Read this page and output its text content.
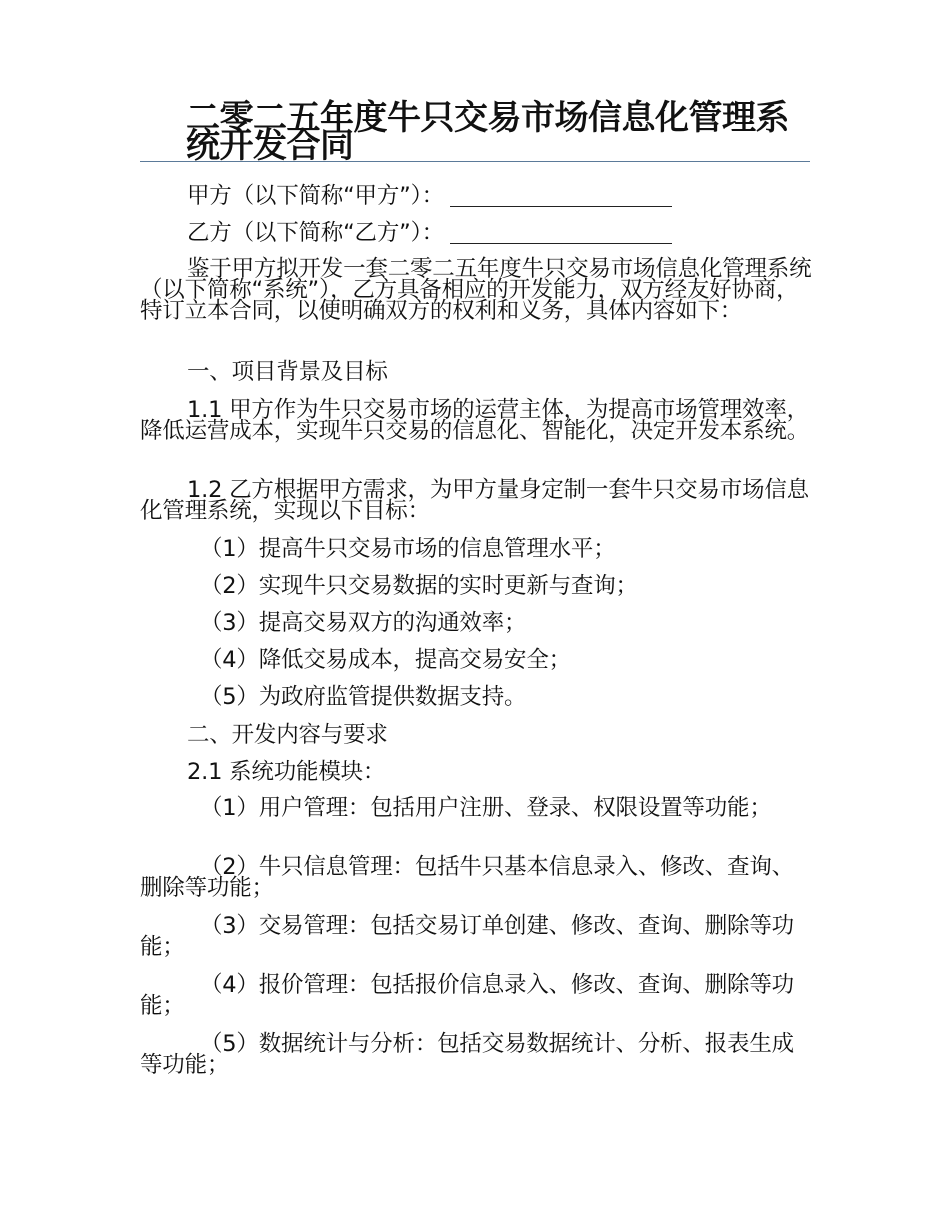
二零二五年度牛只交易市场信息化管理系统开发合同
甲方（以下简称“甲方”）：
乙方（以下简称“乙方”）：
鉴于甲方拟开发一套二零二五年度牛只交易市场信息化管理系统（以下简称“系统”），乙方具备相应的开发能力，双方经友好协商，特订立本合同，以便明确双方的权利和义务，具体内容如下：
一、项目背景及目标
1.1 甲方作为牛只交易市场的运营主体，为提高市场管理效率，降低运营成本，实现牛只交易的信息化、智能化，决定开发本系统。
1.2 乙方根据甲方需求，为甲方量身定制一套牛只交易市场信息化管理系统，实现以下目标：
（1）提高牛只交易市场的信息管理水平；
（2）实现牛只交易数据的实时更新与查询；
（3）提高交易双方的沟通效率；
（4）降低交易成本，提高交易安全；
（5）为政府监管提供数据支持。
二、开发内容与要求
2.1 系统功能模块：
（1）用户管理：包括用户注册、登录、权限设置等功能；
（2）牛只信息管理：包括牛只基本信息录入、修改、查询、删除等功能；
（3）交易管理：包括交易订单创建、修改、查询、删除等功能；
（4）报价管理：包括报价信息录入、修改、查询、删除等功能；
（5）数据统计与分析：包括交易数据统计、分析、报表生成等功能；
